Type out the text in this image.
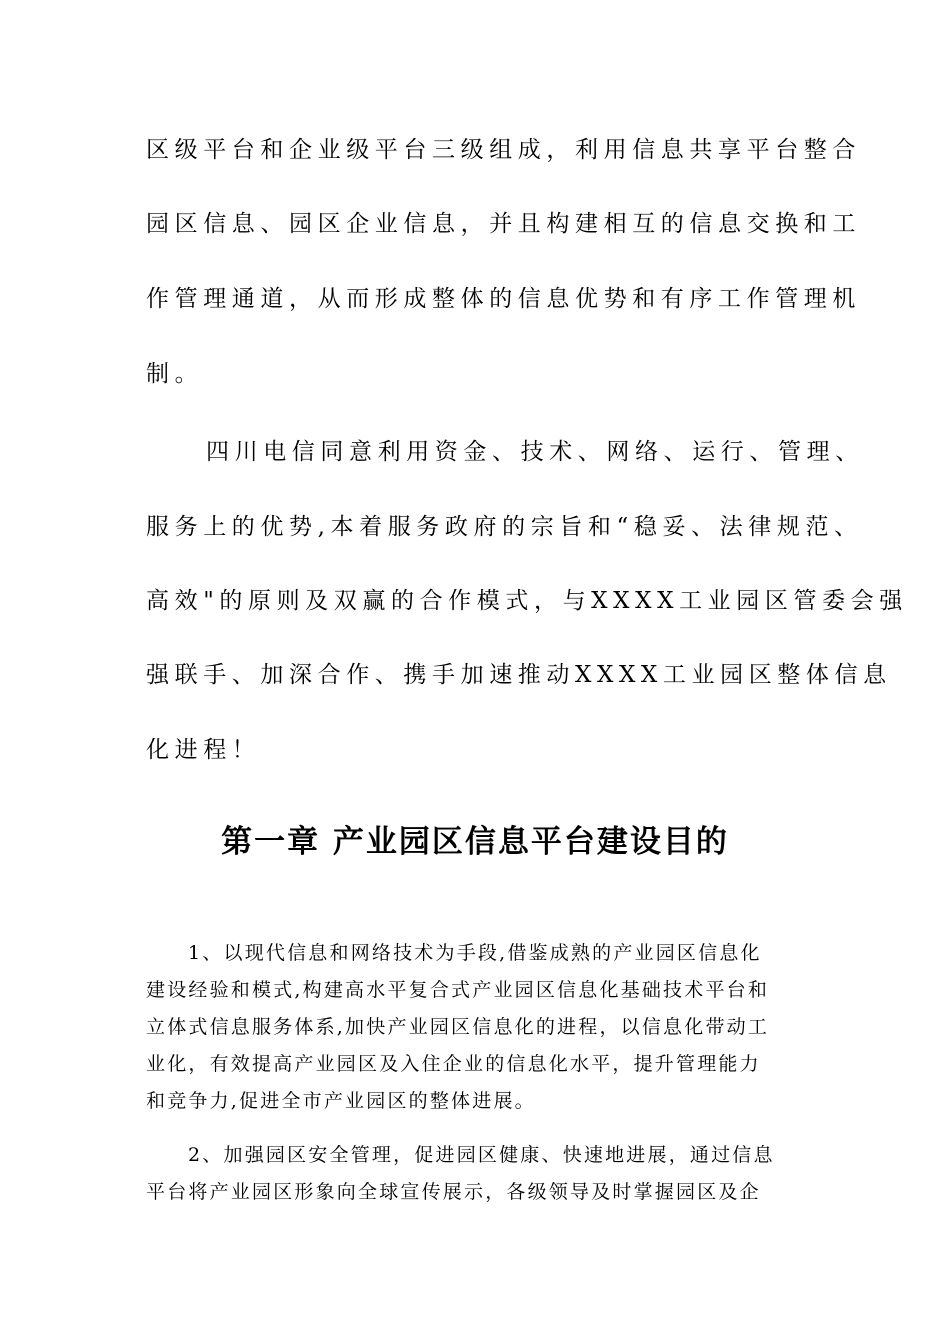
区级平台和企业级平台三级组成，利用信息共享平台整合
园区信息、园区企业信息，并且构建相互的信息交换和工
作管理通道，从而形成整体的信息优势和有序工作管理机
制。
四川电信同意利用资金、技术、网络、运行、管理、
服务上的优势,本着服务政府的宗旨和“稳妥、法律规范、
高效"的原则及双赢的合作模式，与XXXX工业园区管委会强
强联手、加深合作、携手加速推动XXXX工业园区整体信息
化进程！
第一章 产业园区信息平台建设目的
1、以现代信息和网络技术为手段,借鉴成熟的产业园区信息化
建设经验和模式,构建高水平复合式产业园区信息化基础技术平台和
立体式信息服务体系,加快产业园区信息化的进程，以信息化带动工
业化，有效提高产业园区及入住企业的信息化水平，提升管理能力
和竞争力,促进全市产业园区的整体进展。
2、加强园区安全管理，促进园区健康、快速地进展，通过信息
平台将产业园区形象向全球宣传展示，各级领导及时掌握园区及企
